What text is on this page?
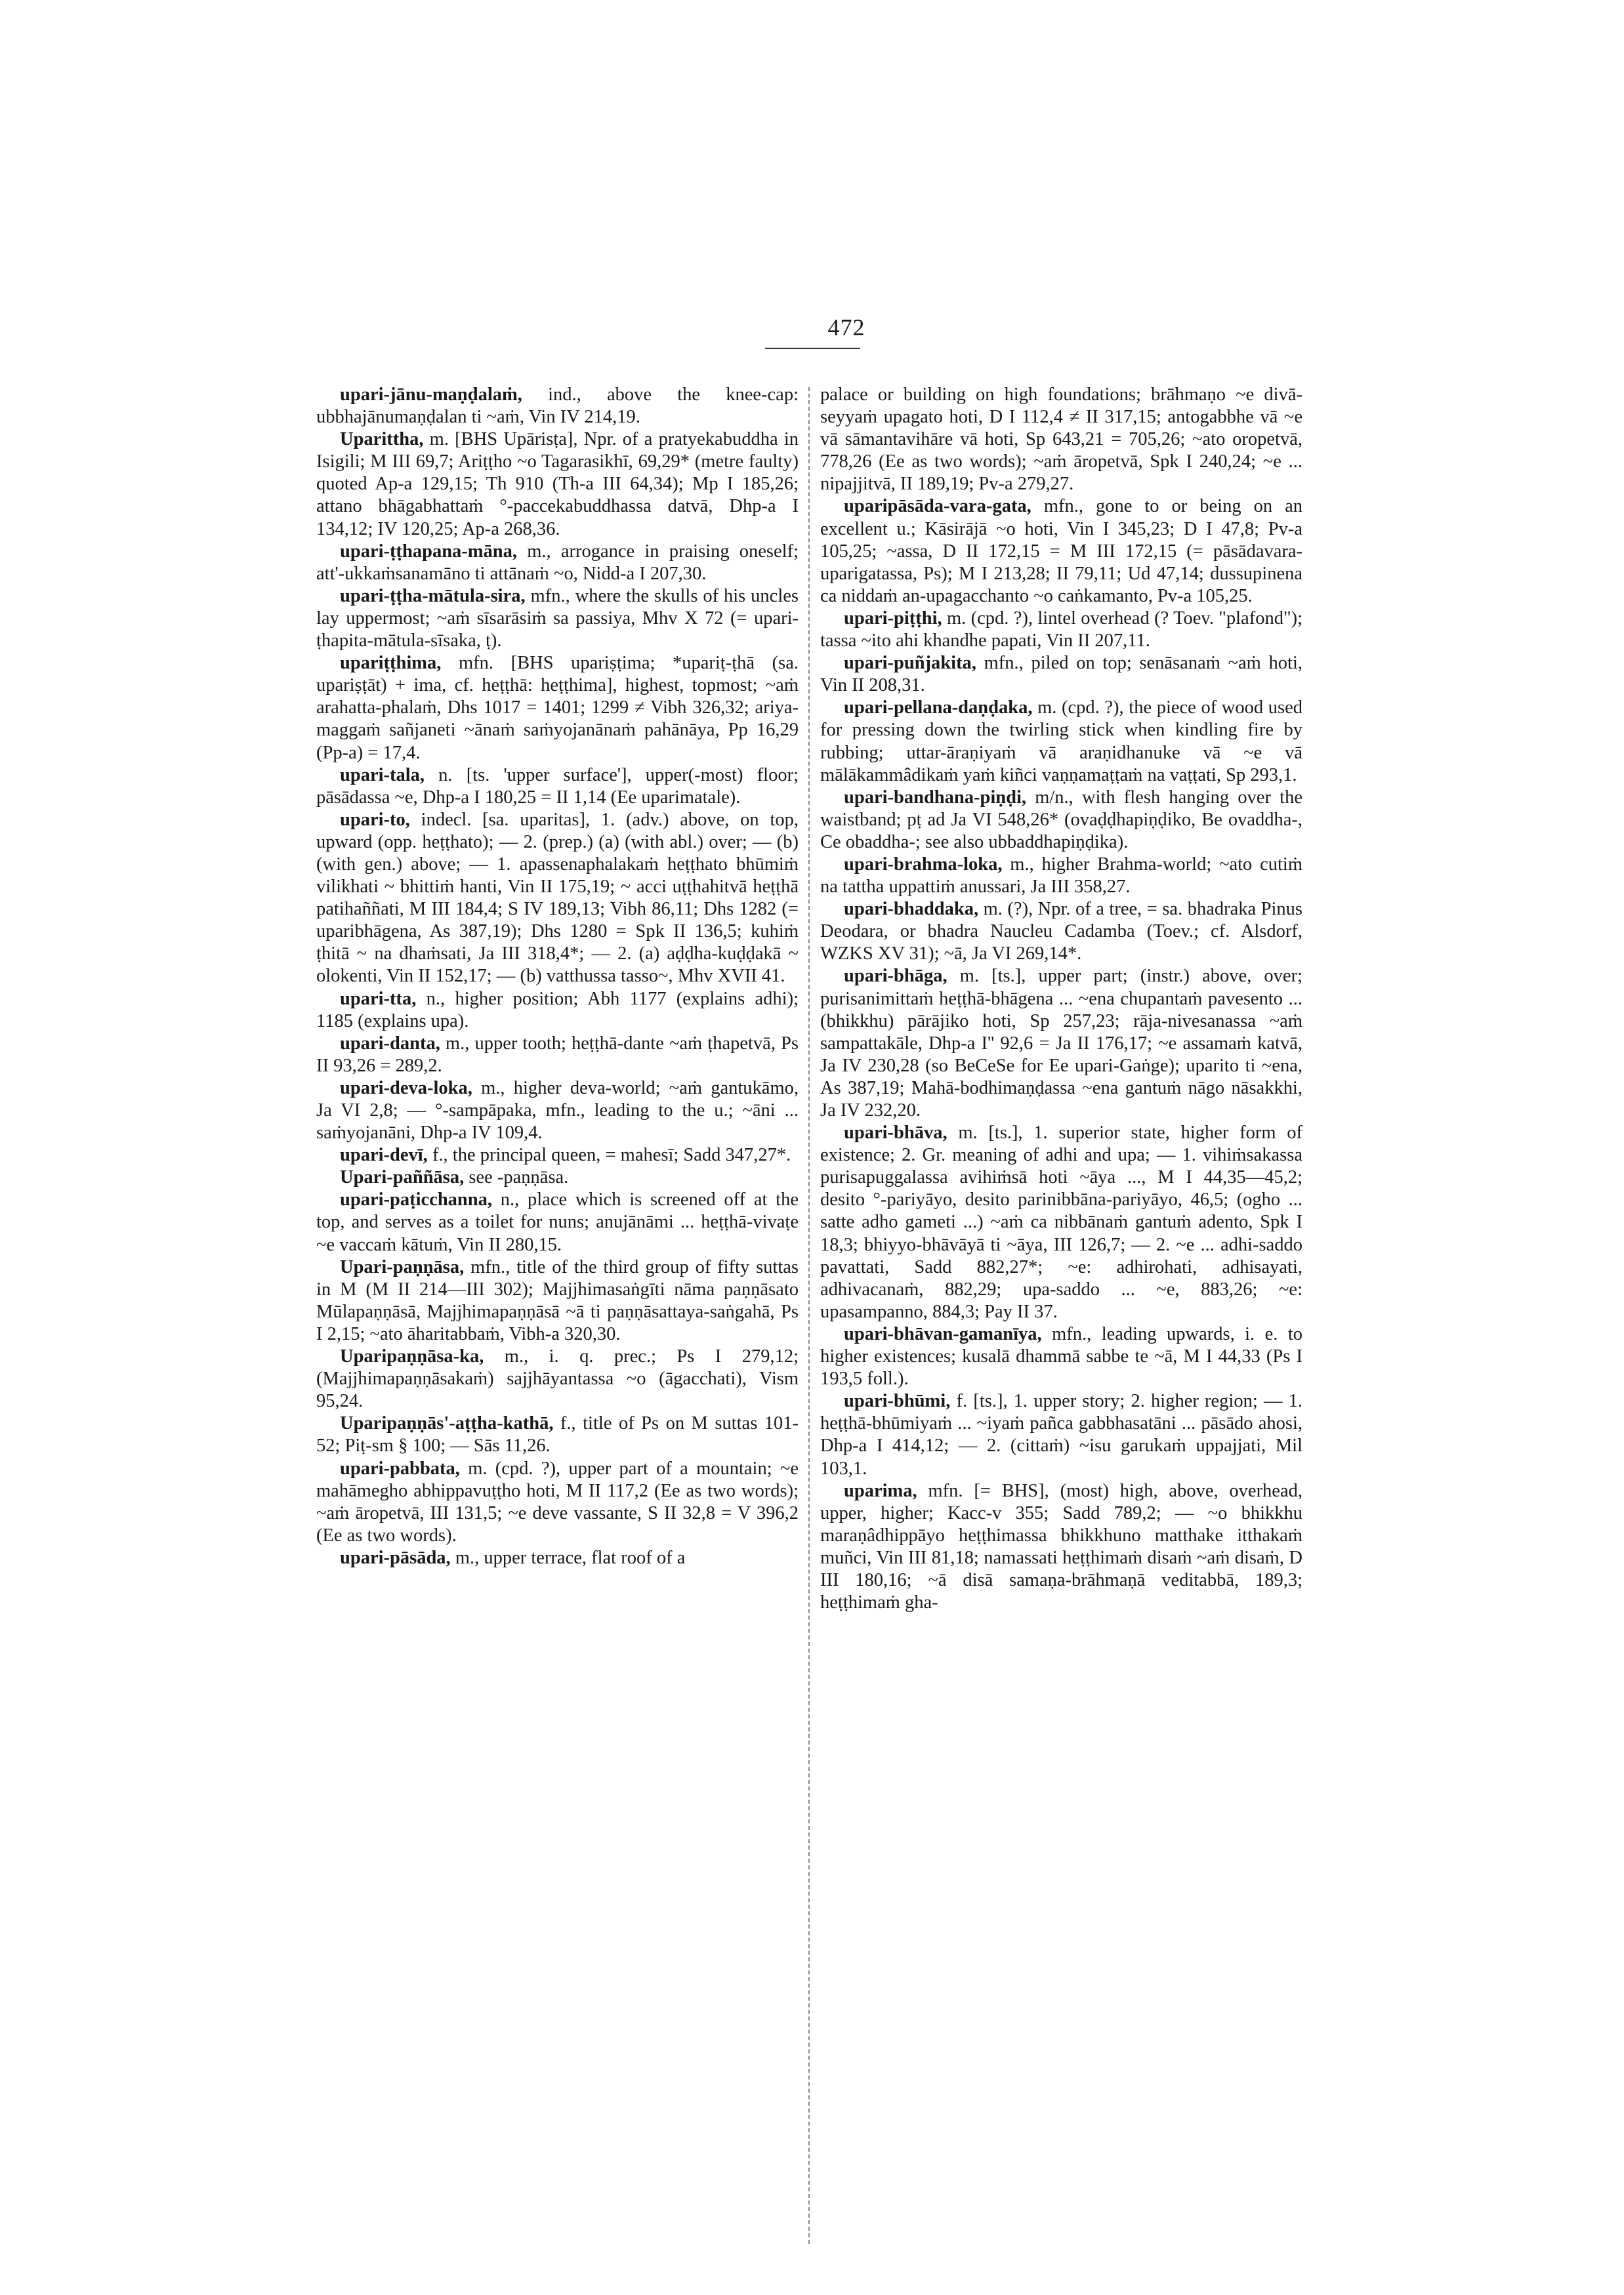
472

upari-jānu-maṇḍalaṁ, ind., above the knee-cap: ubbhajānumaṇḍalan ti ~aṁ, Vin IV 214,19.

Uparittha, m. [BHS Upārisṭa], Npr. of a pratyekabuddha in Isigili; M III 69,7; Ariṭṭho ~o Tagarasikhī, 69,29* (metre faulty) quoted Ap-a 129,15; Th 910 (Th-a III 64,34); Mp I 185,26; attano bhāgabhattaṁ °-paccekabuddhassa datvā, Dhp-a I 134,12; IV 120,25; Ap-a 268,36.

upari-ṭṭhapana-māna, m., arrogance in praising oneself; att'-ukkaṁsanamāno ti attānaṁ ~o, Nidd-a I 207,30.

upari-ṭṭha-mātula-sira, mfn., where the skulls of his uncles lay uppermost; ~aṁ sīsarāsiṁ sa passiya, Mhv X 72 (= upari-ṭhapita-mātula-sīsaka, ṭ).

upariṭṭhima, mfn. [BHS upariṣṭima; *upariṭ-ṭhā (sa. upariṣṭāt) + ima, cf. heṭṭhā: heṭṭhima], highest, topmost; ~aṁ arahatta-phalaṁ, Dhs 1017 = 1401; 1299 ≠ Vibh 326,32; ariya-maggaṁ sañjaneti ~ānaṁ saṁyojanānaṁ pahānāya, Pp 16,29 (Pp-a) = 17,4.

upari-tala, n. [ts. 'upper surface'], upper(-most) floor; pāsādassa ~e, Dhp-a I 180,25 = II 1,14 (Ee uparimatale).

upari-to, indecl. [sa. uparitas], 1. (adv.) above, on top, upward (opp. heṭṭhato); — 2. (prep.) (a) (with abl.) over; — (b) (with gen.) above; — 1. apassenaphalakaṁ heṭṭhato bhūmiṁ vilikhati ~ bhittiṁ hanti, Vin II 175,19; ~ acci uṭṭhahitvā heṭṭhā patihaññati, M III 184,4; S IV 189,13; Vibh 86,11; Dhs 1282 (= uparibhāgena, As 387,19); Dhs 1280 = Spk II 136,5; kuhiṁ ṭhitā ~ na dhaṁsati, Ja III 318,4*; — 2. (a) aḍḍha-kuḍḍakā ~ olokenti, Vin II 152,17; — (b) vatthussa tasso~, Mhv XVII 41.

upari-tta, n., higher position; Abh 1177 (explains adhi); 1185 (explains upa).

upari-danta, m., upper tooth; heṭṭhā-dante ~aṁ ṭhapetvā, Ps II 93,26 = 289,2.

upari-deva-loka, m., higher deva-world; ~aṁ gantukāmo, Ja VI 2,8; — °-sampāpaka, mfn., leading to the u.; ~āni ... saṁyojanāni, Dhp-a IV 109,4.

upari-devī, f., the principal queen, = mahesī; Sadd 347,27*.

Upari-paññāsa, see -paṇṇāsa.

upari-paṭicchanna, n., place which is screened off at the top, and serves as a toilet for nuns; anujānāmi ... heṭṭhā-vivaṭe ~e vaccaṁ kātuṁ, Vin II 280,15.

Upari-paṇṇāsa, mfn., title of the third group of fifty suttas in M (M II 214—III 302); Majjhimasaṅgīti nāma paṇṇāsato Mūlapaṇṇāsā, Majjhimapaṇṇāsā ~ā ti paṇṇāsattaya-saṅgahā, Ps I 2,15; ~ato āharitabbaṁ, Vibh-a 320,30.

Uparipaṇṇāsa-ka, m., i. q. prec.; Ps I 279,12; (Majjhimapaṇṇāsakaṁ) sajjhāyantassa ~o (āgacchati), Vism 95,24.

Uparipaṇṇās'-aṭṭha-kathā, f., title of Ps on M suttas 101-52; Piṭ-sm § 100; — Sās 11,26.

upari-pabbata, m. (cpd. ?), upper part of a mountain; ~e mahāmegho abhippavuṭṭho hoti, M II 117,2 (Ee as two words); ~aṁ āropetvā, III 131,5; ~e deve vassante, S II 32,8 = V 396,2 (Ee as two words).

upari-pāsāda, m., upper terrace, flat roof of a

palace or building on high foundations; brāhmaṇo ~e divā-seyyaṁ upagato hoti, D I 112,4 ≠ II 317,15; antogabbhe vā ~e vā sāmantavihāre vā hoti, Sp 643,21 = 705,26; ~ato oropetvā, 778,26 (Ee as two words); ~aṁ āropetvā, Spk I 240,24; ~e ... nipajjitvā, II 189,19; Pv-a 279,27.

uparipāsāda-vara-gata, mfn., gone to or being on an excellent u.; Kāsirājā ~o hoti, Vin I 345,23; D I 47,8; Pv-a 105,25; ~assa, D II 172,15 = M III 172,15 (= pāsādavara-uparigatassa, Ps); M I 213,28; II 79,11; Ud 47,14; dussupinena ca niddaṁ an-upagacchanto ~o caṅkamanto, Pv-a 105,25.

upari-piṭṭhi, m. (cpd. ?), lintel overhead (? Toev. "plafond"); tassa ~ito ahi khandhe papati, Vin II 207,11.

upari-puñjakita, mfn., piled on top; senāsanaṁ ~aṁ hoti, Vin II 208,31.

upari-pellana-daṇḍaka, m. (cpd. ?), the piece of wood used for pressing down the twirling stick when kindling fire by rubbing; uttar-āraṇiyaṁ vā araṇidhanuke vā ~e vā mālākammâdikaṁ yaṁ kiñci vaṇṇamaṭṭaṁ na vaṭṭati, Sp 293,1.

upari-bandhana-piṇḍi, m/n., with flesh hanging over the waistband; pṭ ad Ja VI 548,26* (ovaḍḍhapiṇḍiko, Be ovaddha-, Ce obaddha-; see also ubbaddhapiṇḍika).

upari-brahma-loka, m., higher Brahma-world; ~ato cutiṁ na tattha uppattiṁ anussari, Ja III 358,27.

upari-bhaddaka, m. (?), Npr. of a tree, = sa. bhadraka Pinus Deodara, or bhadra Naucleu Cadamba (Toev.; cf. Alsdorf, WZKS XV 31); ~ā, Ja VI 269,14*.

upari-bhāga, m. [ts.], upper part; (instr.) above, over; purisanimittaṁ heṭṭhā-bhāgena ... ~ena chupantaṁ pavesento ... (bhikkhu) pārājiko hoti, Sp 257,23; rāja-nivesanassa ~aṁ sampattakāle, Dhp-a I'' 92,6 = Ja II 176,17; ~e assamaṁ katvā, Ja IV 230,28 (so BeCeSe for Ee upari-Gaṅge); uparito ti ~ena, As 387,19; Mahā-bodhimaṇḍassa ~ena gantuṁ nāgo nāsakkhi, Ja IV 232,20.

upari-bhāva, m. [ts.], 1. superior state, higher form of existence; 2. Gr. meaning of adhi and upa; — 1. vihiṁsakassa purisapuggalassa avihiṁsā hoti ~āya ..., M I 44,35—45,2; desito °-pariyāyo, desito parinibbāna-pariyāyo, 46,5; (ogho ... satte adho gameti ...) ~aṁ ca nibbānaṁ gantuṁ adento, Spk I 18,3; bhiyyo-bhāvāyā ti ~āya, III 126,7; — 2. ~e ... adhi-saddo pavattati, Sadd 882,27*; ~e: adhirohati, adhisayati, adhivacanaṁ, 882,29; upa-saddo ... ~e, 883,26; ~e: upasampanno, 884,3; Pay II 37.

upari-bhāvan-gamanīya, mfn., leading upwards, i. e. to higher existences; kusalā dhammā sabbe te ~ā, M I 44,33 (Ps I 193,5 foll.).

upari-bhūmi, f. [ts.], 1. upper story; 2. higher region; — 1. heṭṭhā-bhūmiyaṁ ... ~iyaṁ pañca gabbhasatāni ... pāsādo ahosi, Dhp-a I 414,12; — 2. (cittaṁ) ~isu garukaṁ uppajjati, Mil 103,1.

uparima, mfn. [= BHS], (most) high, above, overhead, upper, higher; Kacc-v 355; Sadd 789,2; — ~o bhikkhu maraṇâdhippāyo heṭṭhimassa bhikkhuno matthake itthakaṁ muñci, Vin III 81,18; namassati heṭṭhimaṁ disaṁ ~aṁ disaṁ, D III 180,16; ~ā disā samaṇa-brāhmaṇā veditabbā, 189,3; heṭṭhimaṁ gha-
